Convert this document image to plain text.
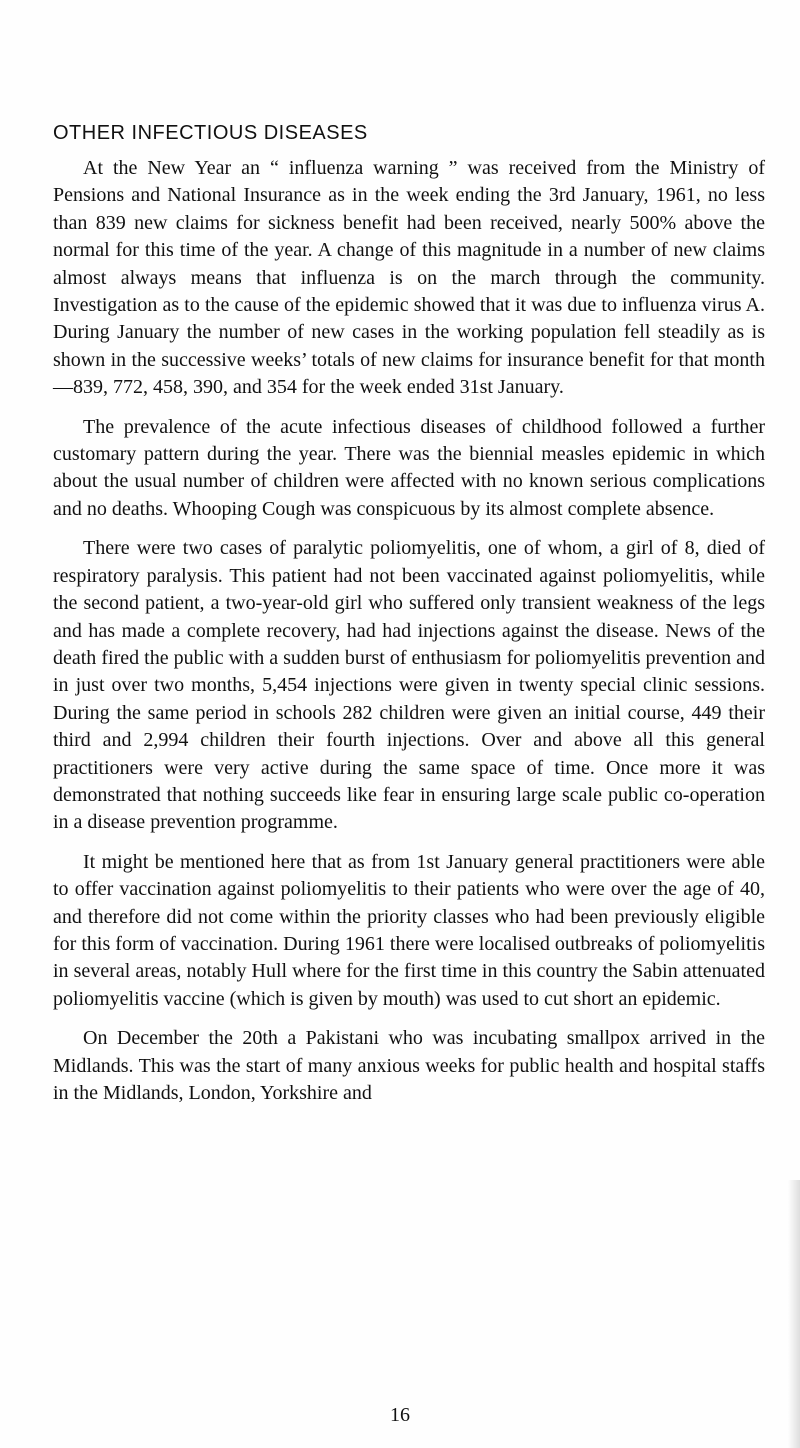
OTHER INFECTIOUS DISEASES

At the New Year an “ influenza warning ” was received from the Ministry of Pensions and National Insurance as in the week ending the 3rd January, 1961, no less than 839 new claims for sickness benefit had been received, nearly 500% above the normal for this time of the year. A change of this magnitude in a number of new claims almost always means that influenza is on the march through the community. Investigation as to the cause of the epidemic showed that it was due to influenza virus A. During January the number of new cases in the working population fell steadily as is shown in the successive weeks’ totals of new claims for insurance benefit for that month—839, 772, 458, 390, and 354 for the week ended 31st January.

The prevalence of the acute infectious diseases of childhood followed a further customary pattern during the year. There was the biennial measles epidemic in which about the usual number of children were affected with no known serious complications and no deaths. Whooping Cough was conspicuous by its almost complete absence.

There were two cases of paralytic poliomyelitis, one of whom, a girl of 8, died of respiratory paralysis. This patient had not been vaccinated against poliomyelitis, while the second patient, a two-year-old girl who suffered only transient weakness of the legs and has made a complete recovery, had had injections against the disease. News of the death fired the public with a sudden burst of enthusiasm for poliomyelitis prevention and in just over two months, 5,454 injections were given in twenty special clinic sessions. During the same period in schools 282 children were given an initial course, 449 their third and 2,994 children their fourth injections. Over and above all this general practitioners were very active during the same space of time. Once more it was demonstrated that nothing succeeds like fear in ensuring large scale public co-operation in a disease prevention programme.

It might be mentioned here that as from 1st January general practitioners were able to offer vaccination against poliomyelitis to their patients who were over the age of 40, and therefore did not come within the priority classes who had been previously eligible for this form of vaccination. During 1961 there were localised outbreaks of poliomyelitis in several areas, notably Hull where for the first time in this country the Sabin attenuated poliomyelitis vaccine (which is given by mouth) was used to cut short an epidemic.

On December the 20th a Pakistani who was incubating smallpox arrived in the Midlands. This was the start of many anxious weeks for public health and hospital staffs in the Midlands, London, Yorkshire and

16
